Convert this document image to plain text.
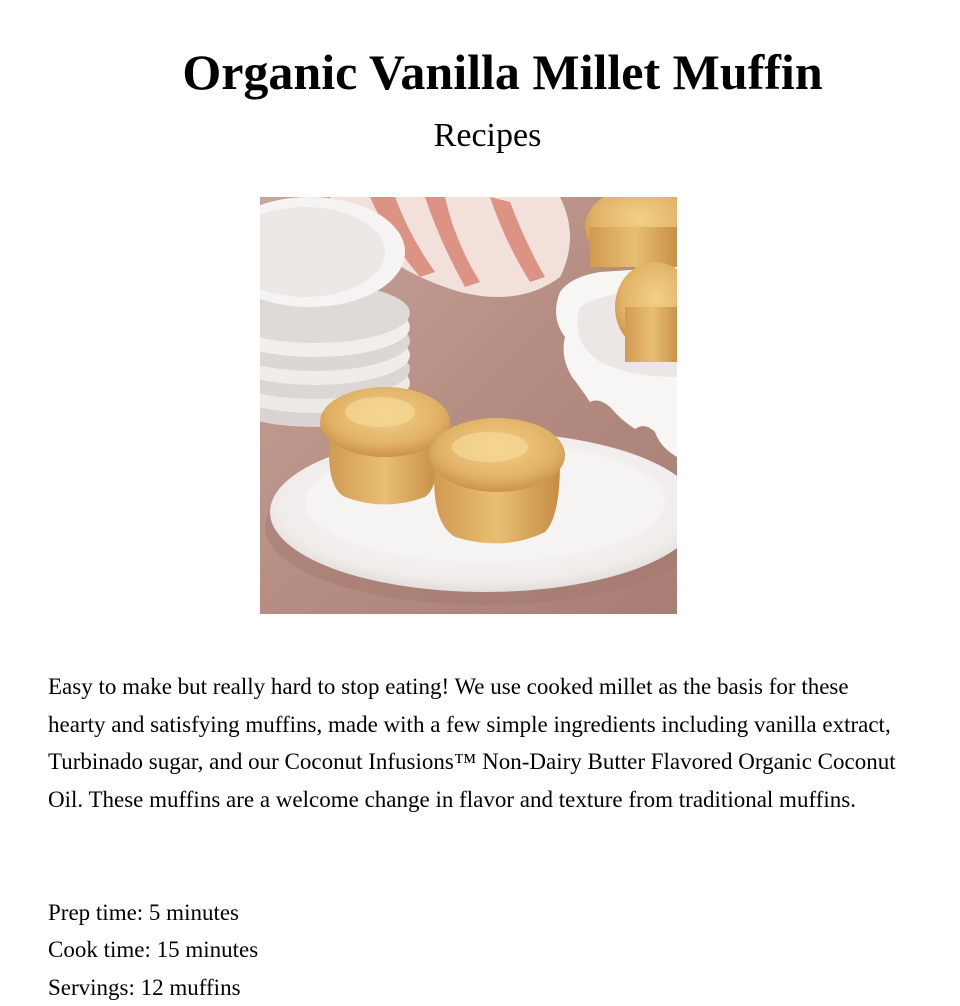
Organic Vanilla Millet Muffin
Recipes

Easy to make but really hard to stop eating! We use cooked millet as the basis for these hearty and satisfying muffins, made with a few simple ingredients including vanilla extract, Turbinado sugar, and our Coconut Infusions™ Non-Dairy Butter Flavored Organic Coconut Oil. These muffins are a welcome change in flavor and texture from traditional muffins.

Prep time: 5 minutes
Cook time: 15 minutes
Servings: 12 muffins
